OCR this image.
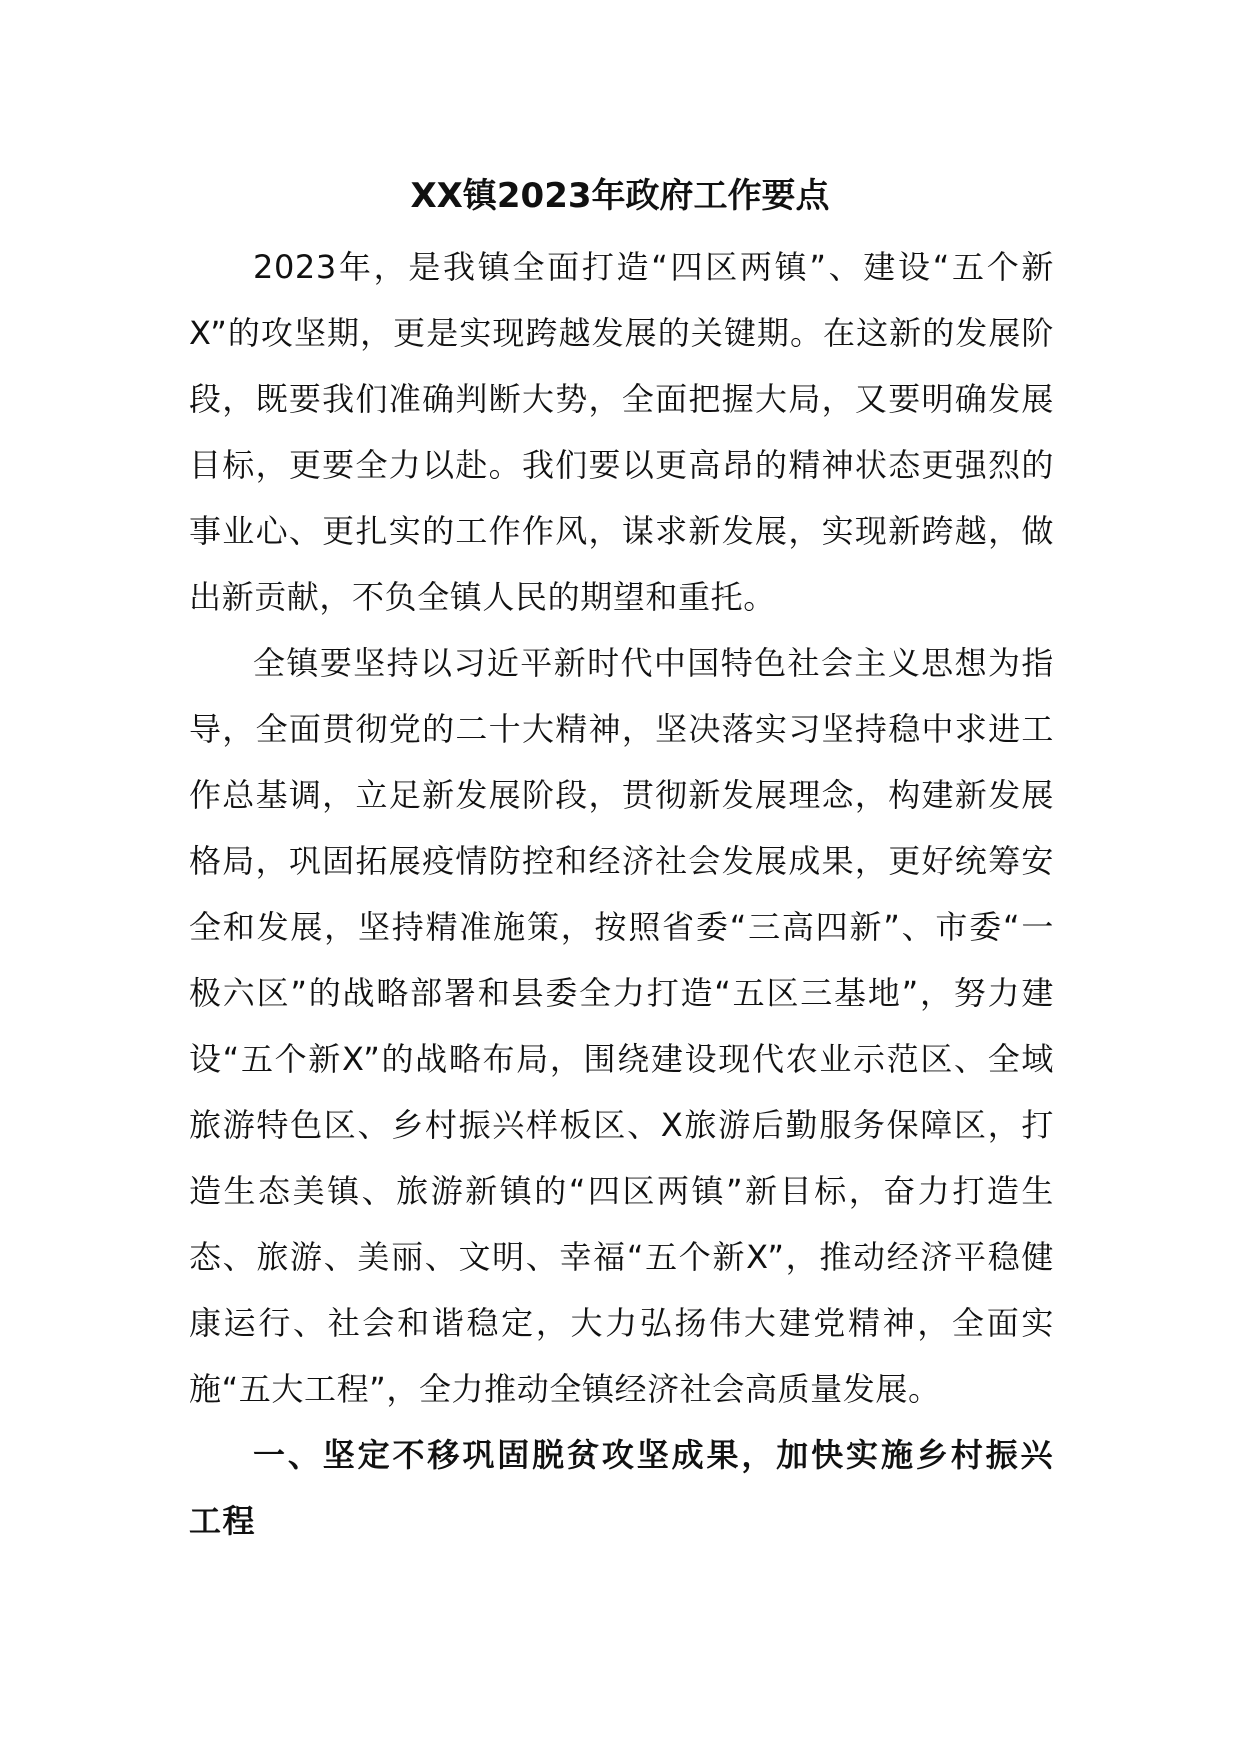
XX镇2023年政府工作要点

2023年，是我镇全面打造“四区两镇”、建设“五个新X”的攻坚期，更是实现跨越发展的关键期。在这新的发展阶段，既要我们准确判断大势，全面把握大局，又要明确发展目标，更要全力以赴。我们要以更高昂的精神状态更强烈的事业心、更扎实的工作作风，谋求新发展，实现新跨越，做出新贡献，不负全镇人民的期望和重托。

全镇要坚持以习近平新时代中国特色社会主义思想为指导，全面贯彻党的二十大精神，坚决落实习坚持稳中求进工作总基调，立足新发展阶段，贯彻新发展理念，构建新发展格局，巩固拓展疫情防控和经济社会发展成果，更好统筹安全和发展，坚持精准施策，按照省委“三高四新”、市委“一极六区”的战略部署和县委全力打造“五区三基地”，努力建设“五个新X”的战略布局，围绕建设现代农业示范区、全域旅游特色区、乡村振兴样板区、X旅游后勤服务保障区，打造生态美镇、旅游新镇的“四区两镇”新目标，奋力打造生态、旅游、美丽、文明、幸福“五个新X”，推动经济平稳健康运行、社会和谐稳定，大力弘扬伟大建党精神，全面实施“五大工程”，全力推动全镇经济社会高质量发展。

一、坚定不移巩固脱贫攻坚成果，加快实施乡村振兴工程
